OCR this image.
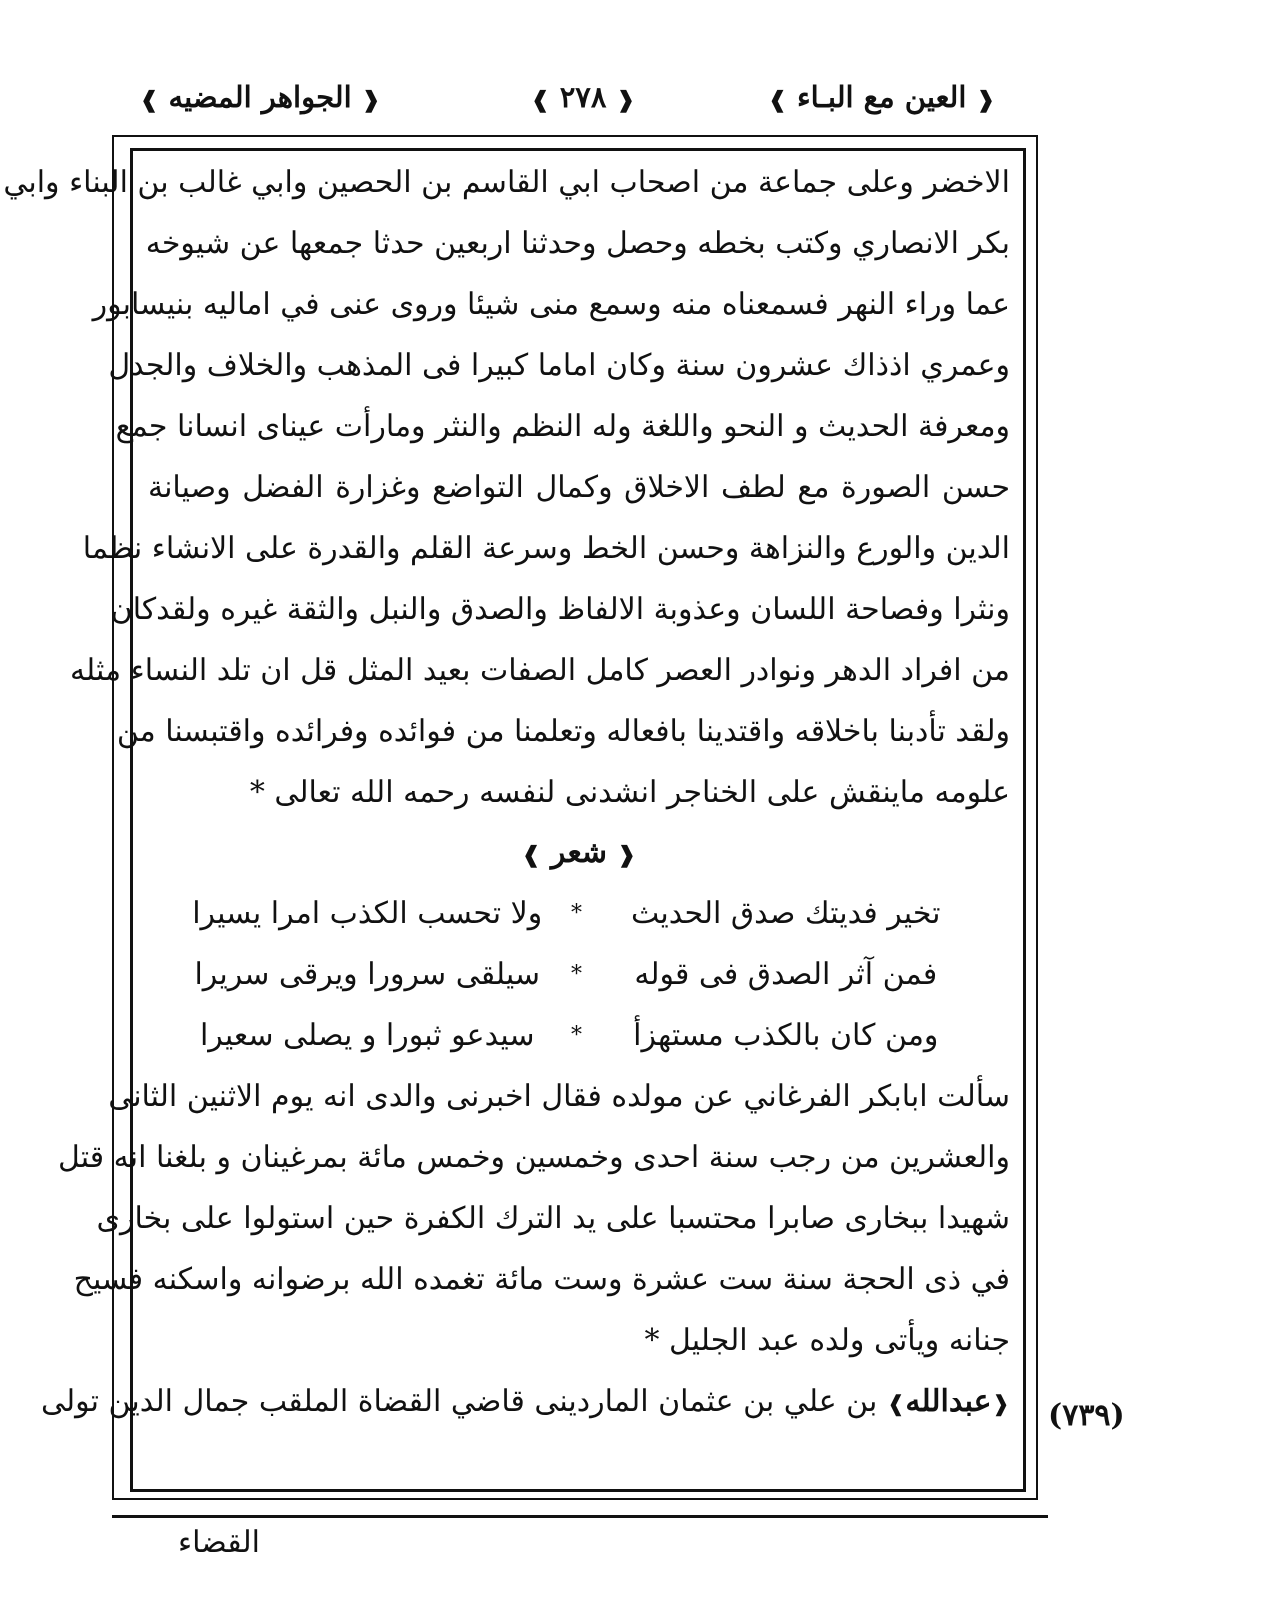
❰ العين مع البـاء ❱
❰ ٢٧٨ ❱
❰ الجواهر المضيه ❱
الاخضر وعلى جماعة من اصحاب ابي القاسم بن الحصين وابي غالب بن البناء وابي
بكر الانصاري وكتب بخطه وحصل وحدثنا اربعين حدثا جمعها عن شيوخه
عما وراء النهر فسمعناه منه وسمع منى شيئا وروى عنى في اماليه بنيسابور
وعمري اذذاك عشرون سنة وكان اماما كبيرا فى المذهب والخلاف والجدل
ومعرفة الحديث و النحو واللغة وله النظم والنثر ومارأت عيناى انسانا جمع
حسن الصورة مع لطف الاخلاق وكمال التواضع وغزارة الفضل وصيانة
الدين والورع والنزاهة وحسن الخط وسرعة القلم والقدرة على الانشاء نظما
ونثرا وفصاحة اللسان وعذوبة الالفاظ والصدق والنبل والثقة غيره ولقدكان
من افراد الدهر ونوادر العصر كامل الصفات بعيد المثل قل ان تلد النساء مثله
ولقد تأدبنا باخلاقه واقتدينا بافعاله وتعلمنا من فوائده وفرائده واقتبسنا من
علومه ماينقش على الخناجر انشدنى لنفسه رحمه الله تعالى *
❰ شعر ❱
تخير فديتك صدق الحديث
*
ولا تحسب الكذب امرا يسيرا
فمن آثر الصدق فى قوله
*
سيلقى سرورا ويرقى سريرا
ومن كان بالكذب مستهزأ
*
سيدعو ثبورا و يصلى سعيرا
سألت ابابكر الفرغاني عن مولده فقال اخبرنى والدى انه يوم الاثنين الثانى
والعشرين من رجب سنة احدى وخمسين وخمس مائة بمرغينان و بلغنا انه قتل
شهيدا ببخارى صابرا محتسبا على يد الترك الكفرة حين استولوا على بخارى
في ذى الحجة سنة ست عشرة وست مائة تغمده الله برضوانه واسكنه فسيح
جنانه ويأتى ولده عبد الجليل *
❰عبدالله❱ بن علي بن عثمان الماردينى قاضي القضاة الملقب جمال الدين تولى	(٧٣٩)
القضاء
